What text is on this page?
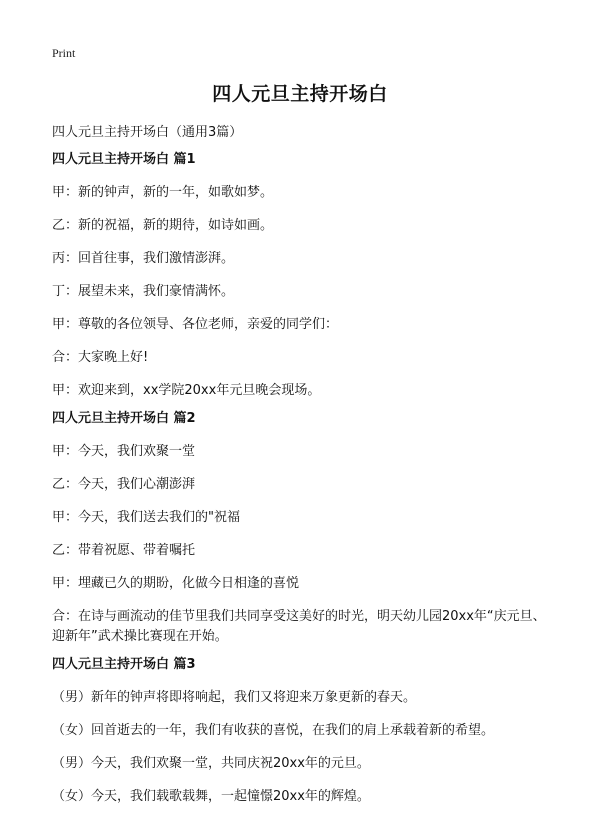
Print
四人元旦主持开场白

四人元旦主持开场白（通用3篇）

四人元旦主持开场白 篇1

甲：新的钟声，新的一年，如歌如梦。

乙：新的祝福，新的期待，如诗如画。

丙：回首往事，我们激情澎湃。

丁：展望未来，我们豪情满怀。

甲：尊敬的各位领导、各位老师，亲爱的同学们：

合：大家晚上好!

甲：欢迎来到，xx学院20xx年元旦晚会现场。

四人元旦主持开场白 篇2

甲：今天，我们欢聚一堂

乙：今天，我们心潮澎湃

甲：今天，我们送去我们的"祝福

乙：带着祝愿、带着嘱托

甲：埋藏已久的期盼，化做今日相逢的喜悦

合：在诗与画流动的佳节里我们共同享受这美好的时光，明天幼儿园20xx年“庆元旦、迎新年”武术操比赛现在开始。

四人元旦主持开场白 篇3

（男）新年的钟声将即将响起，我们又将迎来万象更新的春天。

（女）回首逝去的一年，我们有收获的喜悦，在我们的肩上承载着新的希望。

（男）今天，我们欢聚一堂，共同庆祝20xx年的元旦。

（女）今天，我们载歌载舞，一起憧憬20xx年的辉煌。
